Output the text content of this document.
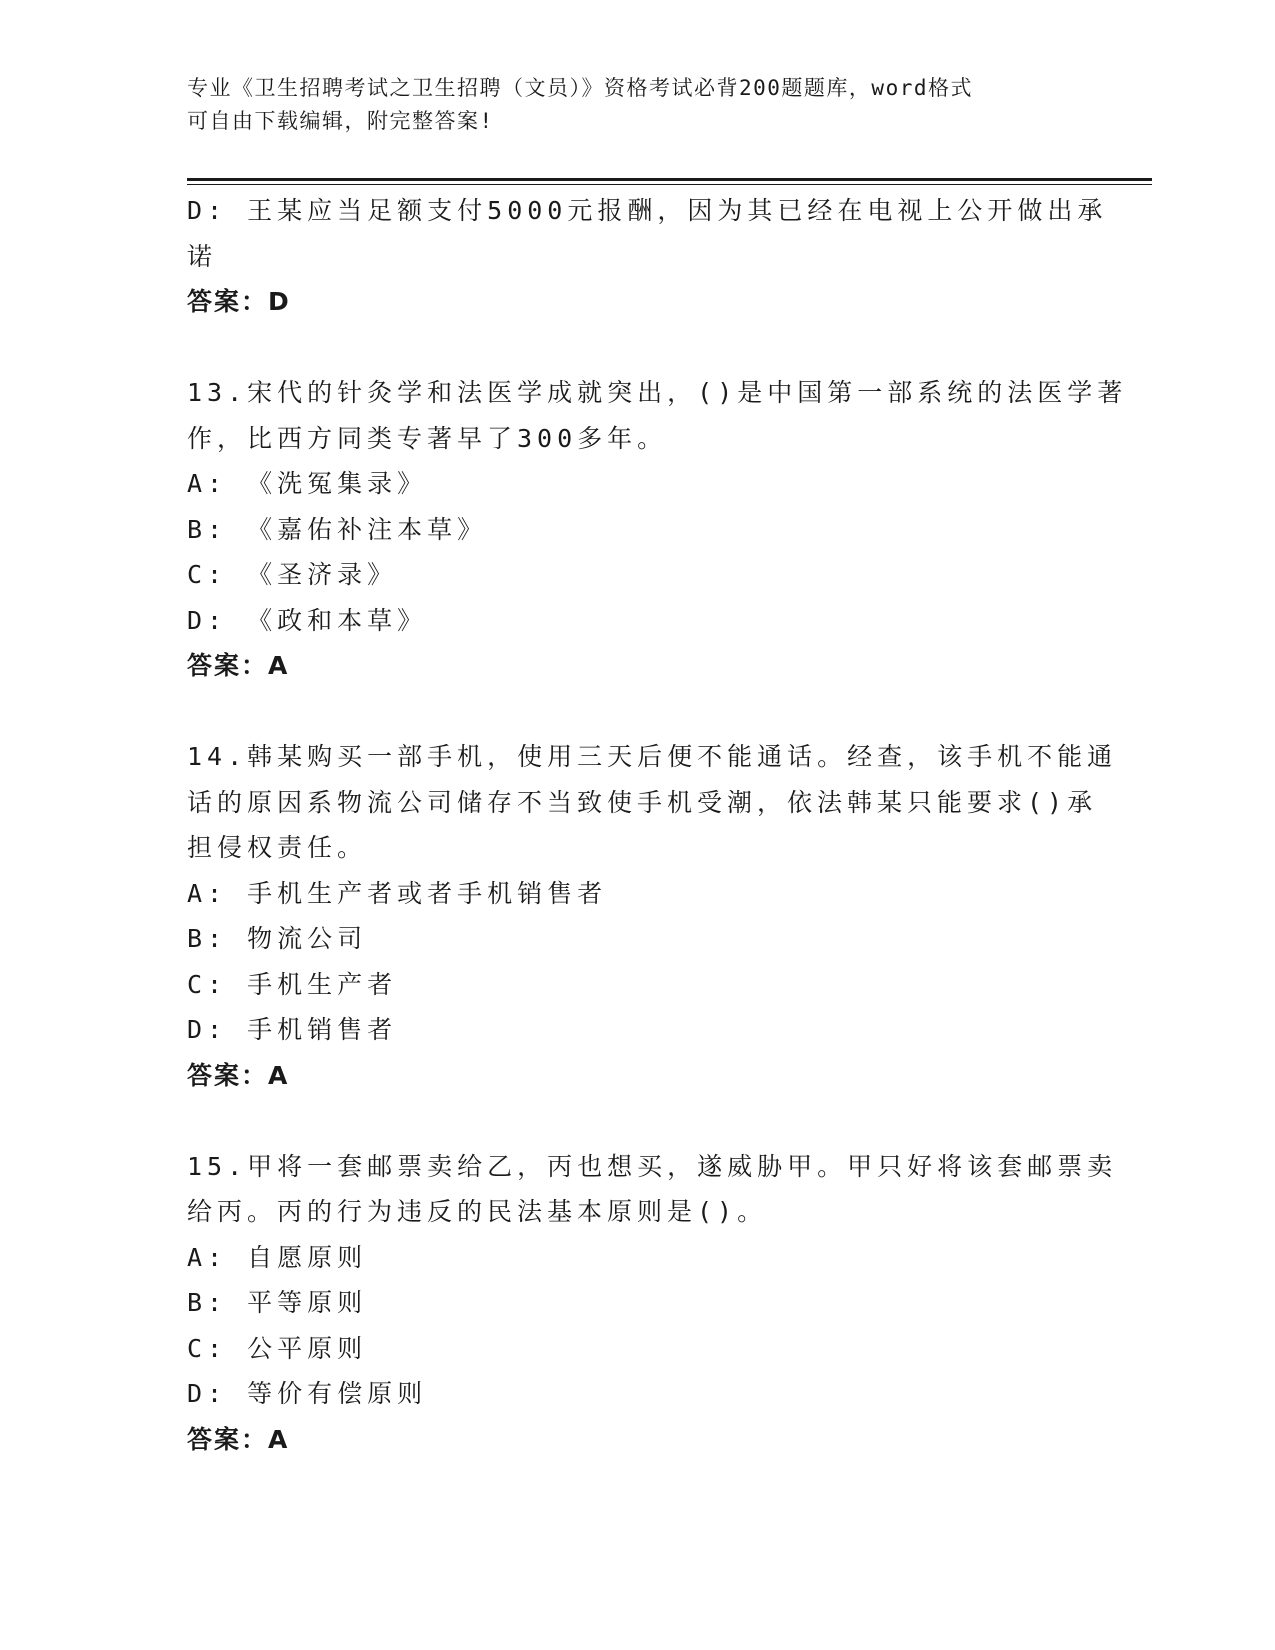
专业《卫生招聘考试之卫生招聘（文员）》资格考试必背200题题库，word格式
可自由下载编辑，附完整答案!
D: 王某应当足额支付5000元报酬，因为其已经在电视上公开做出承
诺
答案：D
13.宋代的针灸学和法医学成就突出，()是中国第一部系统的法医学著
作，比西方同类专著早了300多年。
A: 《洗冤集录》
B: 《嘉佑补注本草》
C: 《圣济录》
D: 《政和本草》
答案：A
14.韩某购买一部手机，使用三天后便不能通话。经查，该手机不能通
话的原因系物流公司储存不当致使手机受潮，依法韩某只能要求()承
担侵权责任。
A: 手机生产者或者手机销售者
B: 物流公司
C: 手机生产者
D: 手机销售者
答案：A
15.甲将一套邮票卖给乙，丙也想买，遂威胁甲。甲只好将该套邮票卖
给丙。丙的行为违反的民法基本原则是()。
A: 自愿原则
B: 平等原则
C: 公平原则
D: 等价有偿原则
答案：A
